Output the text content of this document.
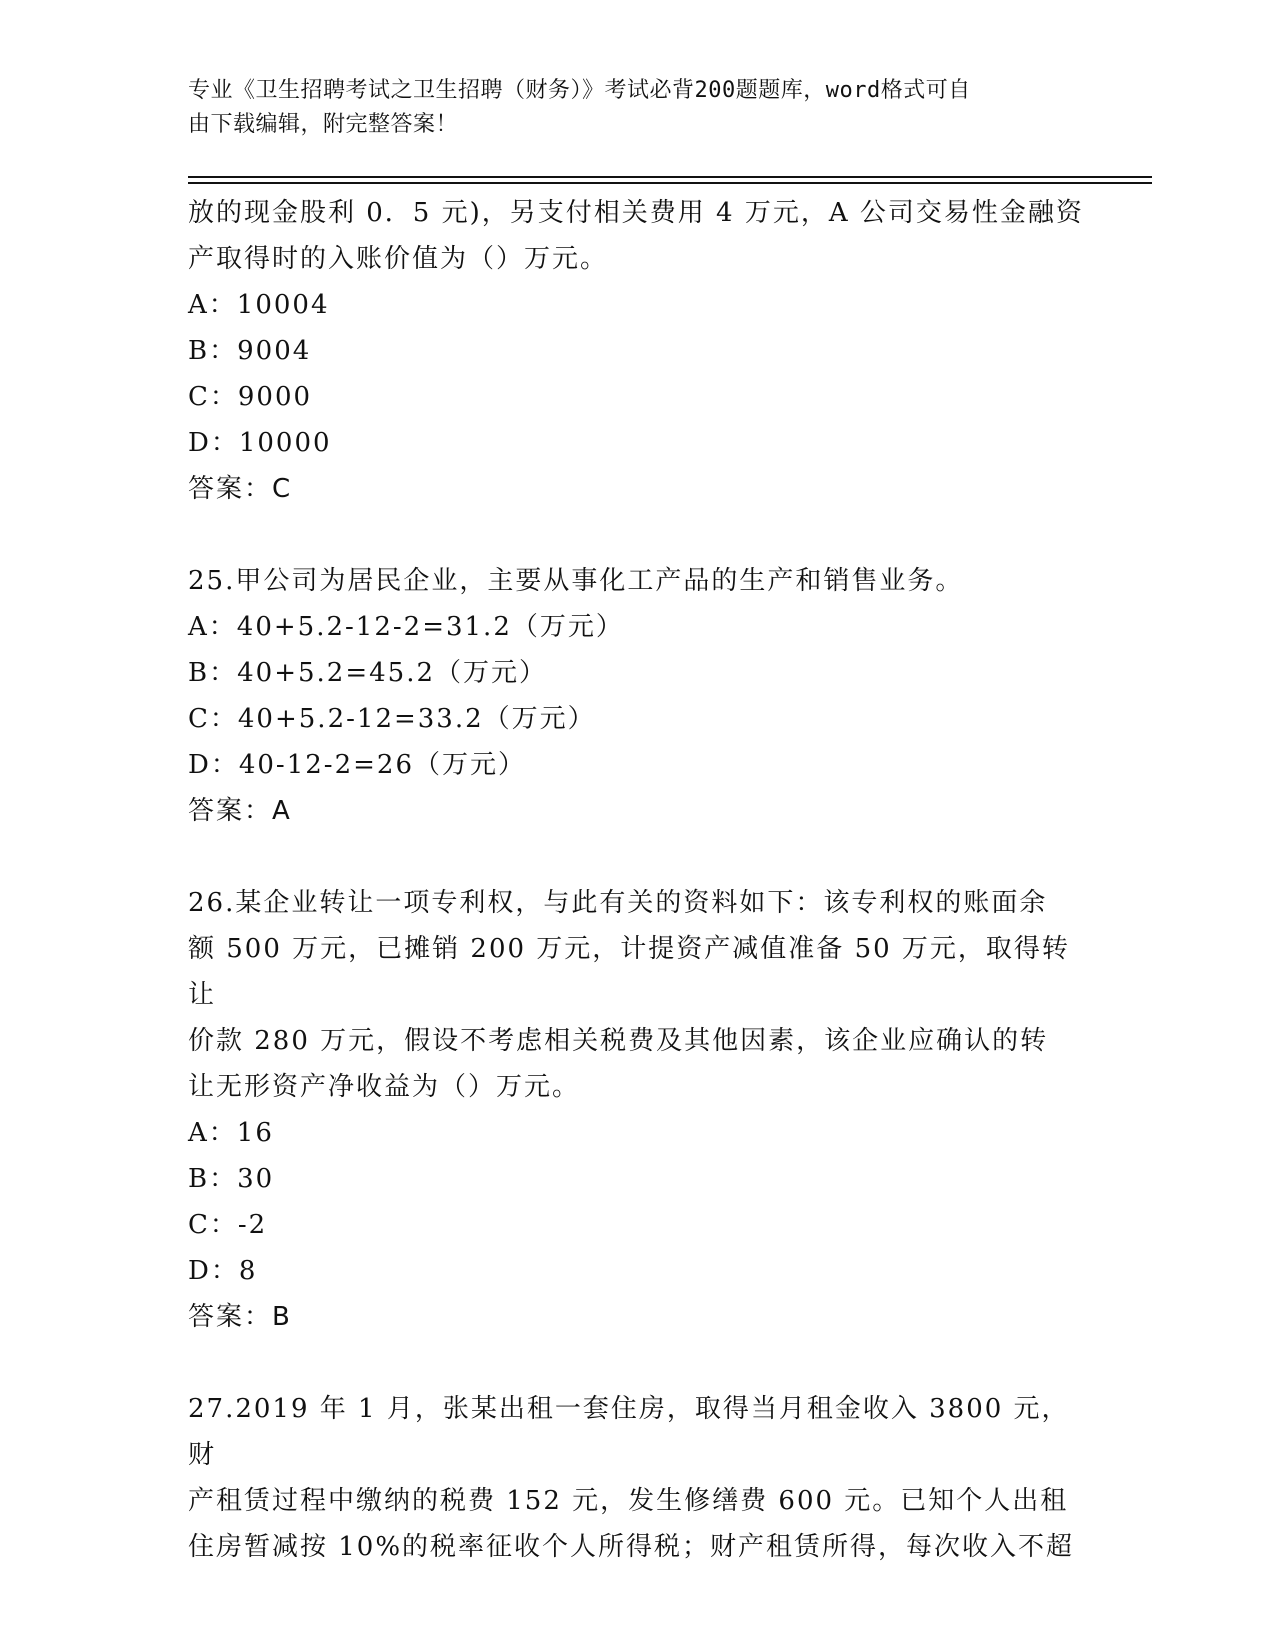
专业《卫生招聘考试之卫生招聘（财务）》考试必背200题题库，word格式可自
由下载编辑，附完整答案！

放的现金股利 0．5 元)，另支付相关费用 4 万元，A 公司交易性金融资

产取得时的入账价值为（）万元。

A：10004

B：9004

C：9000

D：10000

答案：C

25.甲公司为居民企业，主要从事化工产品的生产和销售业务。

A：40+5.2-12-2=31.2（万元）

B：40+5.2=45.2（万元）

C：40+5.2-12=33.2（万元）

D：40-12-2=26（万元）

答案：A

26.某企业转让一项专利权，与此有关的资料如下：该专利权的账面余

额 500 万元，已摊销 200 万元，计提资产减值准备 50 万元，取得转让

价款 280 万元，假设不考虑相关税费及其他因素，该企业应确认的转

让无形资产净收益为（）万元。

A：16

B：30

C：-2

D：8

答案：B

27.2019 年 1 月，张某出租一套住房，取得当月租金收入 3800 元，财

产租赁过程中缴纳的税费 152 元，发生修缮费 600 元。已知个人出租

住房暂减按 10%的税率征收个人所得税；财产租赁所得，每次收入不超
